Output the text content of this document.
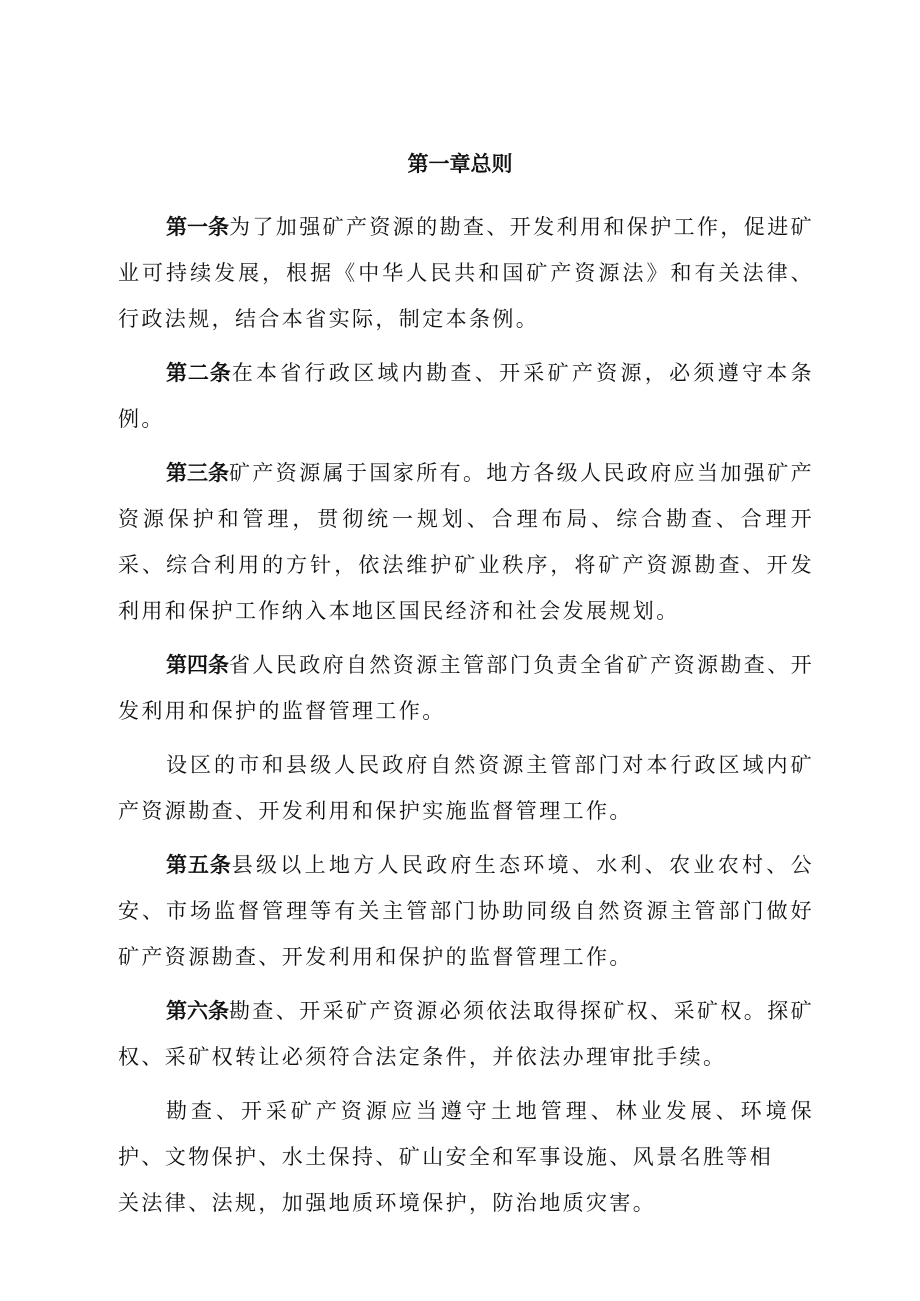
第一章总则

第一条为了加强矿产资源的勘查、开发利用和保护工作，促进矿业可持续发展，根据《中华人民共和国矿产资源法》和有关法律、行政法规，结合本省实际，制定本条例。

第二条在本省行政区域内勘查、开采矿产资源，必须遵守本条例。

第三条矿产资源属于国家所有。地方各级人民政府应当加强矿产资源保护和管理，贯彻统一规划、合理布局、综合勘查、合理开采、综合利用的方针，依法维护矿业秩序，将矿产资源勘查、开发利用和保护工作纳入本地区国民经济和社会发展规划。

第四条省人民政府自然资源主管部门负责全省矿产资源勘查、开发利用和保护的监督管理工作。

设区的市和县级人民政府自然资源主管部门对本行政区域内矿产资源勘查、开发利用和保护实施监督管理工作。

第五条县级以上地方人民政府生态环境、水利、农业农村、公安、市场监督管理等有关主管部门协助同级自然资源主管部门做好矿产资源勘查、开发利用和保护的监督管理工作。

第六条勘查、开采矿产资源必须依法取得探矿权、采矿权。探矿权、采矿权转让必须符合法定条件，并依法办理审批手续。

勘查、开采矿产资源应当遵守土地管理、林业发展、环境保护、文物保护、水土保持、矿山安全和军事设施、风景名胜等相
关法律、法规，加强地质环境保护，防治地质灾害。
